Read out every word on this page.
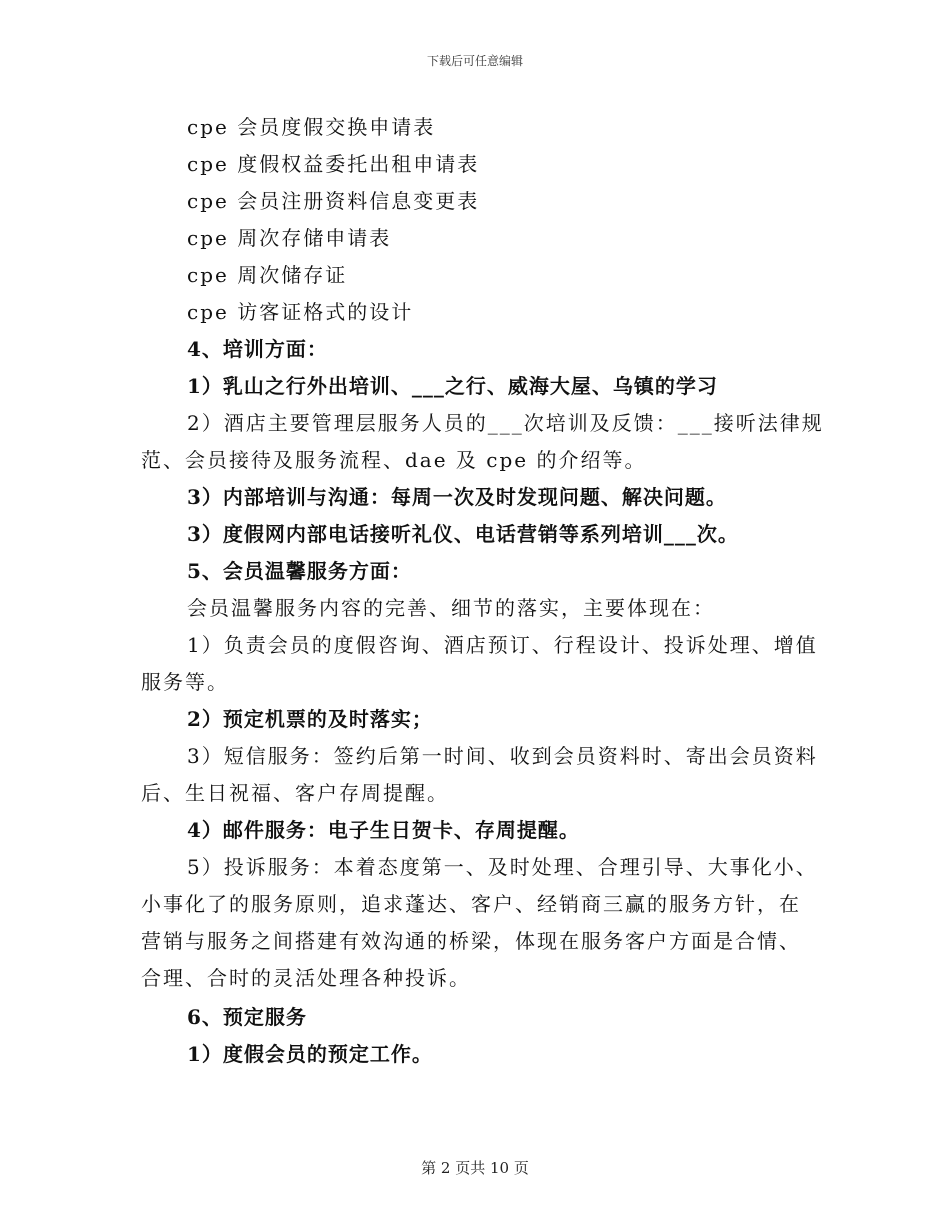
下载后可任意编辑
cpe 会员度假交换申请表
cpe 度假权益委托出租申请表
cpe 会员注册资料信息变更表
cpe 周次存储申请表
cpe 周次储存证
cpe 访客证格式的设计
4、培训方面：
1）乳山之行外出培训、___之行、威海大屋、乌镇的学习
2）酒店主要管理层服务人员的___次培训及反馈：___接听法律规
范、会员接待及服务流程、dae 及 cpe 的介绍等。
3）内部培训与沟通：每周一次及时发现问题、解决问题。
3）度假网内部电话接听礼仪、电话营销等系列培训___次。
5、会员温馨服务方面：
会员温馨服务内容的完善、细节的落实，主要体现在：
1）负责会员的度假咨询、酒店预订、行程设计、投诉处理、增值
服务等。
2）预定机票的及时落实；
3）短信服务：签约后第一时间、收到会员资料时、寄出会员资料
后、生日祝福、客户存周提醒。
4）邮件服务：电子生日贺卡、存周提醒。
5）投诉服务：本着态度第一、及时处理、合理引导、大事化小、
小事化了的服务原则，追求蓬达、客户、经销商三赢的服务方针，在
营销与服务之间搭建有效沟通的桥梁，体现在服务客户方面是合情、
合理、合时的灵活处理各种投诉。
6、预定服务
1）度假会员的预定工作。
第 2 页共 10 页
